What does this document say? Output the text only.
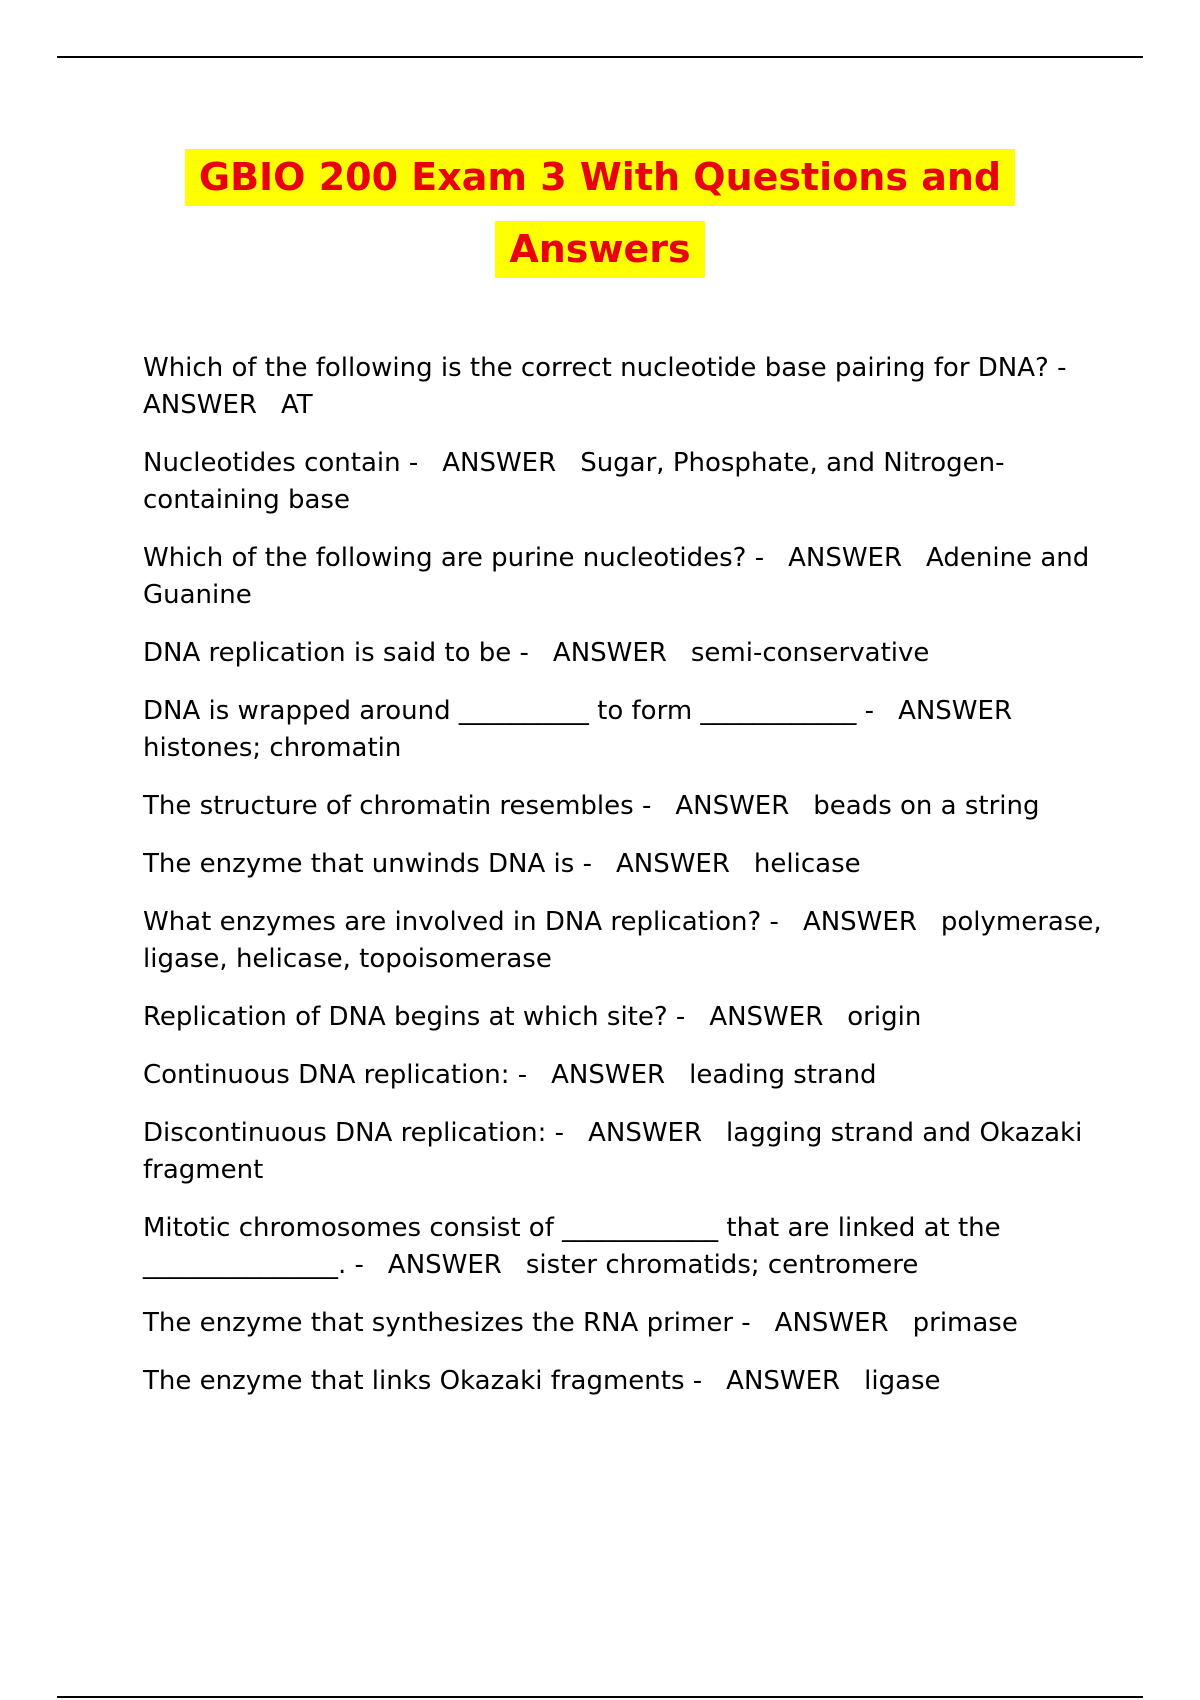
GBIO 200 Exam 3 With Questions and
Answers
Which of the following is the correct nucleotide base pairing for DNA? -ANSWER AT
Nucleotides contain - ANSWER Sugar, Phosphate, and Nitrogen-containing base
Which of the following are purine nucleotides? - ANSWER Adenine and Guanine
DNA replication is said to be - ANSWER semi-conservative
DNA is wrapped around __________ to form ____________ - ANSWERhistones; chromatin
The structure of chromatin resembles - ANSWER beads on a string
The enzyme that unwinds DNA is - ANSWER helicase
What enzymes are involved in DNA replication? - ANSWER polymerase, ligase, helicase, topoisomerase
Replication of DNA begins at which site? - ANSWER origin
Continuous DNA replication: - ANSWER leading strand
Discontinuous DNA replication: - ANSWER lagging strand and Okazaki fragment
Mitotic chromosomes consist of ____________ that are linked at the _______________. - ANSWER sister chromatids; centromere
The enzyme that synthesizes the RNA primer - ANSWER primase
The enzyme that links Okazaki fragments - ANSWER ligase
